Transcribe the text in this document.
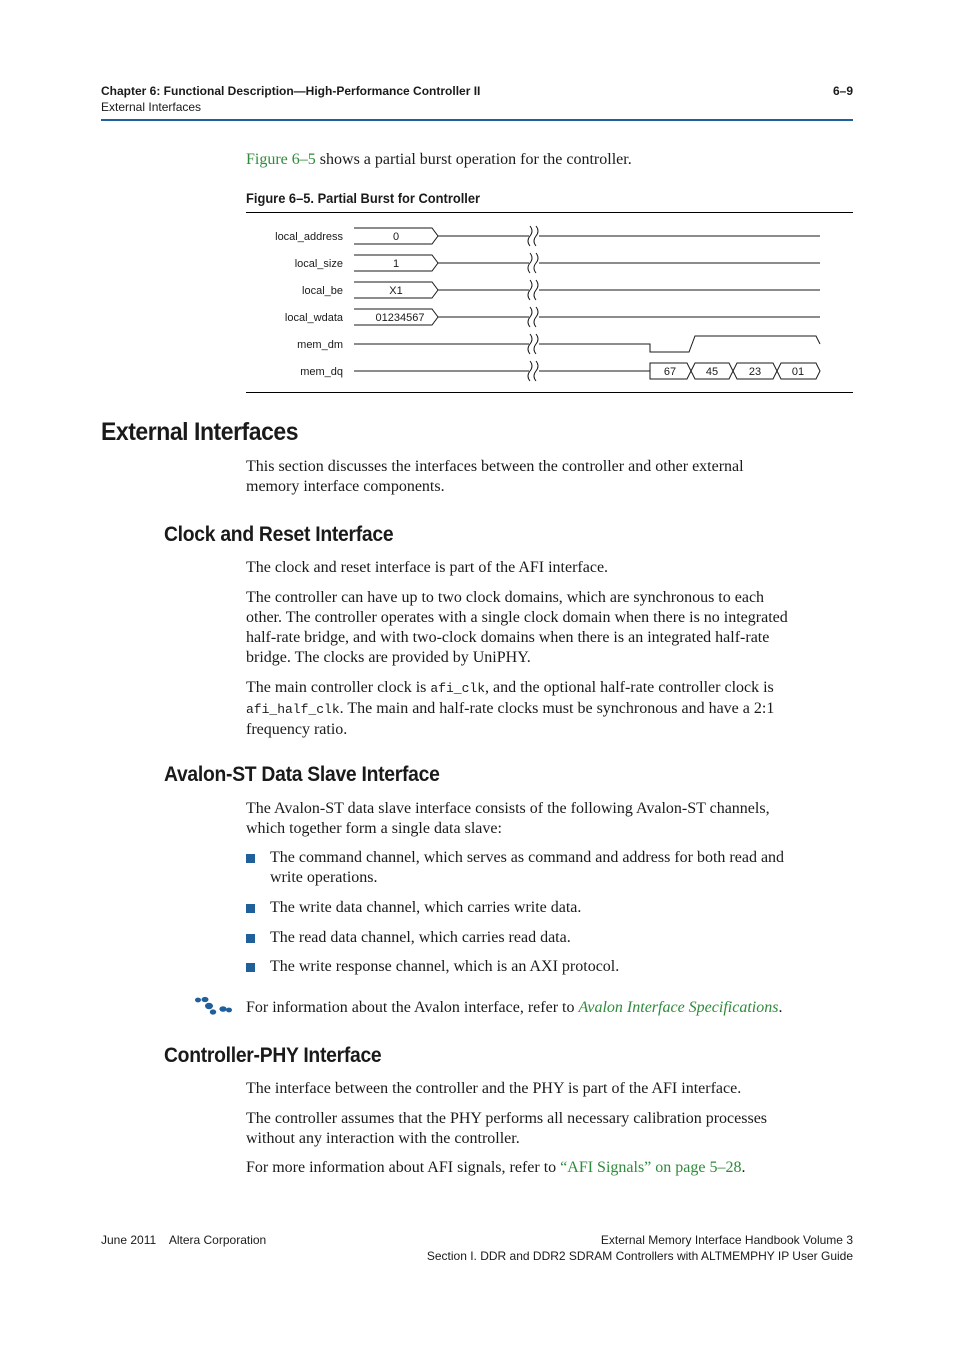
Chapter 6: Functional Description—High-Performance Controller II
External Interfaces
6–9
Figure 6–5 shows a partial burst operation for the controller.
Figure 6–5. Partial Burst for Controller
local_address
local_size
local_be
local_wdata
mem_dm
mem_dq
0
1
X1
01234567
67	45	23	01
External Interfaces
This section discusses the interfaces between the controller and other external
memory interface components.
Clock and Reset Interface
The clock and reset interface is part of the AFI interface.
The controller can have up to two clock domains, which are synchronous to each
other. The controller operates with a single clock domain when there is no integrated
half-rate bridge, and with two-clock domains when there is an integrated half-rate
bridge. The clocks are provided by UniPHY.
The main controller clock is afi_clk, and the optional half-rate controller clock is
afi_half_clk. The main and half-rate clocks must be synchronous and have a 2:1
frequency ratio.
Avalon-ST Data Slave Interface
The Avalon-ST data slave interface consists of the following Avalon-ST channels,
which together form a single data slave:
The command channel, which serves as command and address for both read and
write operations.
The write data channel, which carries write data.
The read data channel, which carries read data.
The write response channel, which is an AXI protocol.
For information about the Avalon interface, refer to Avalon Interface Specifications.
Controller-PHY Interface
The interface between the controller and the PHY is part of the AFI interface.
The controller assumes that the PHY performs all necessary calibration processes
without any interaction with the controller.
For more information about AFI signals, refer to “AFI Signals” on page 5–28.
June 2011    Altera Corporation	External Memory Interface Handbook Volume 3
Section I. DDR and DDR2 SDRAM Controllers with ALTMEMPHY IP User Guide
